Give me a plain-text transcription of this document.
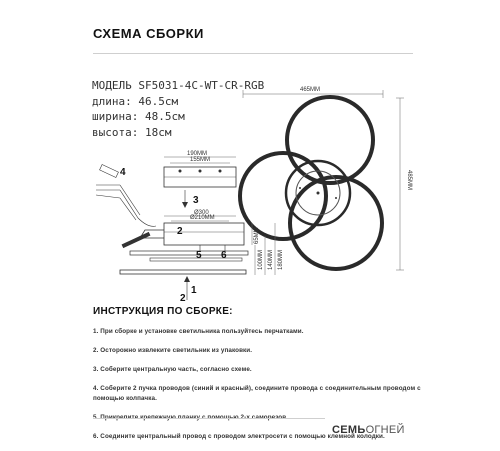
СХЕМА СБОРКИ
МОДЕЛЬ SF5031-4C-WT-CR-RGB
длина: 46.5см
ширина: 48.5см
высота: 18см
465MM
485MM
190MM
155MM
3
Ø300
Ø210MM
2	65MM
5 6	100MM 140MM 180MM
2
1
4
ИНСТРУКЦИЯ ПО СБОРКЕ:
1. При сборке и установке светильника пользуйтесь перчатками.
2. Осторожно извлеките светильник из упаковки.
3. Соберите центральную часть, согласно схеме.
4. Соберите 2 пучка проводов (синий и красный), соедините провода с соединительным проводом с помощью колпачка.
6. Соедините центральный провод с проводом электросети с помощью клемной колодки.
СЕМЬОГНЕЙ
